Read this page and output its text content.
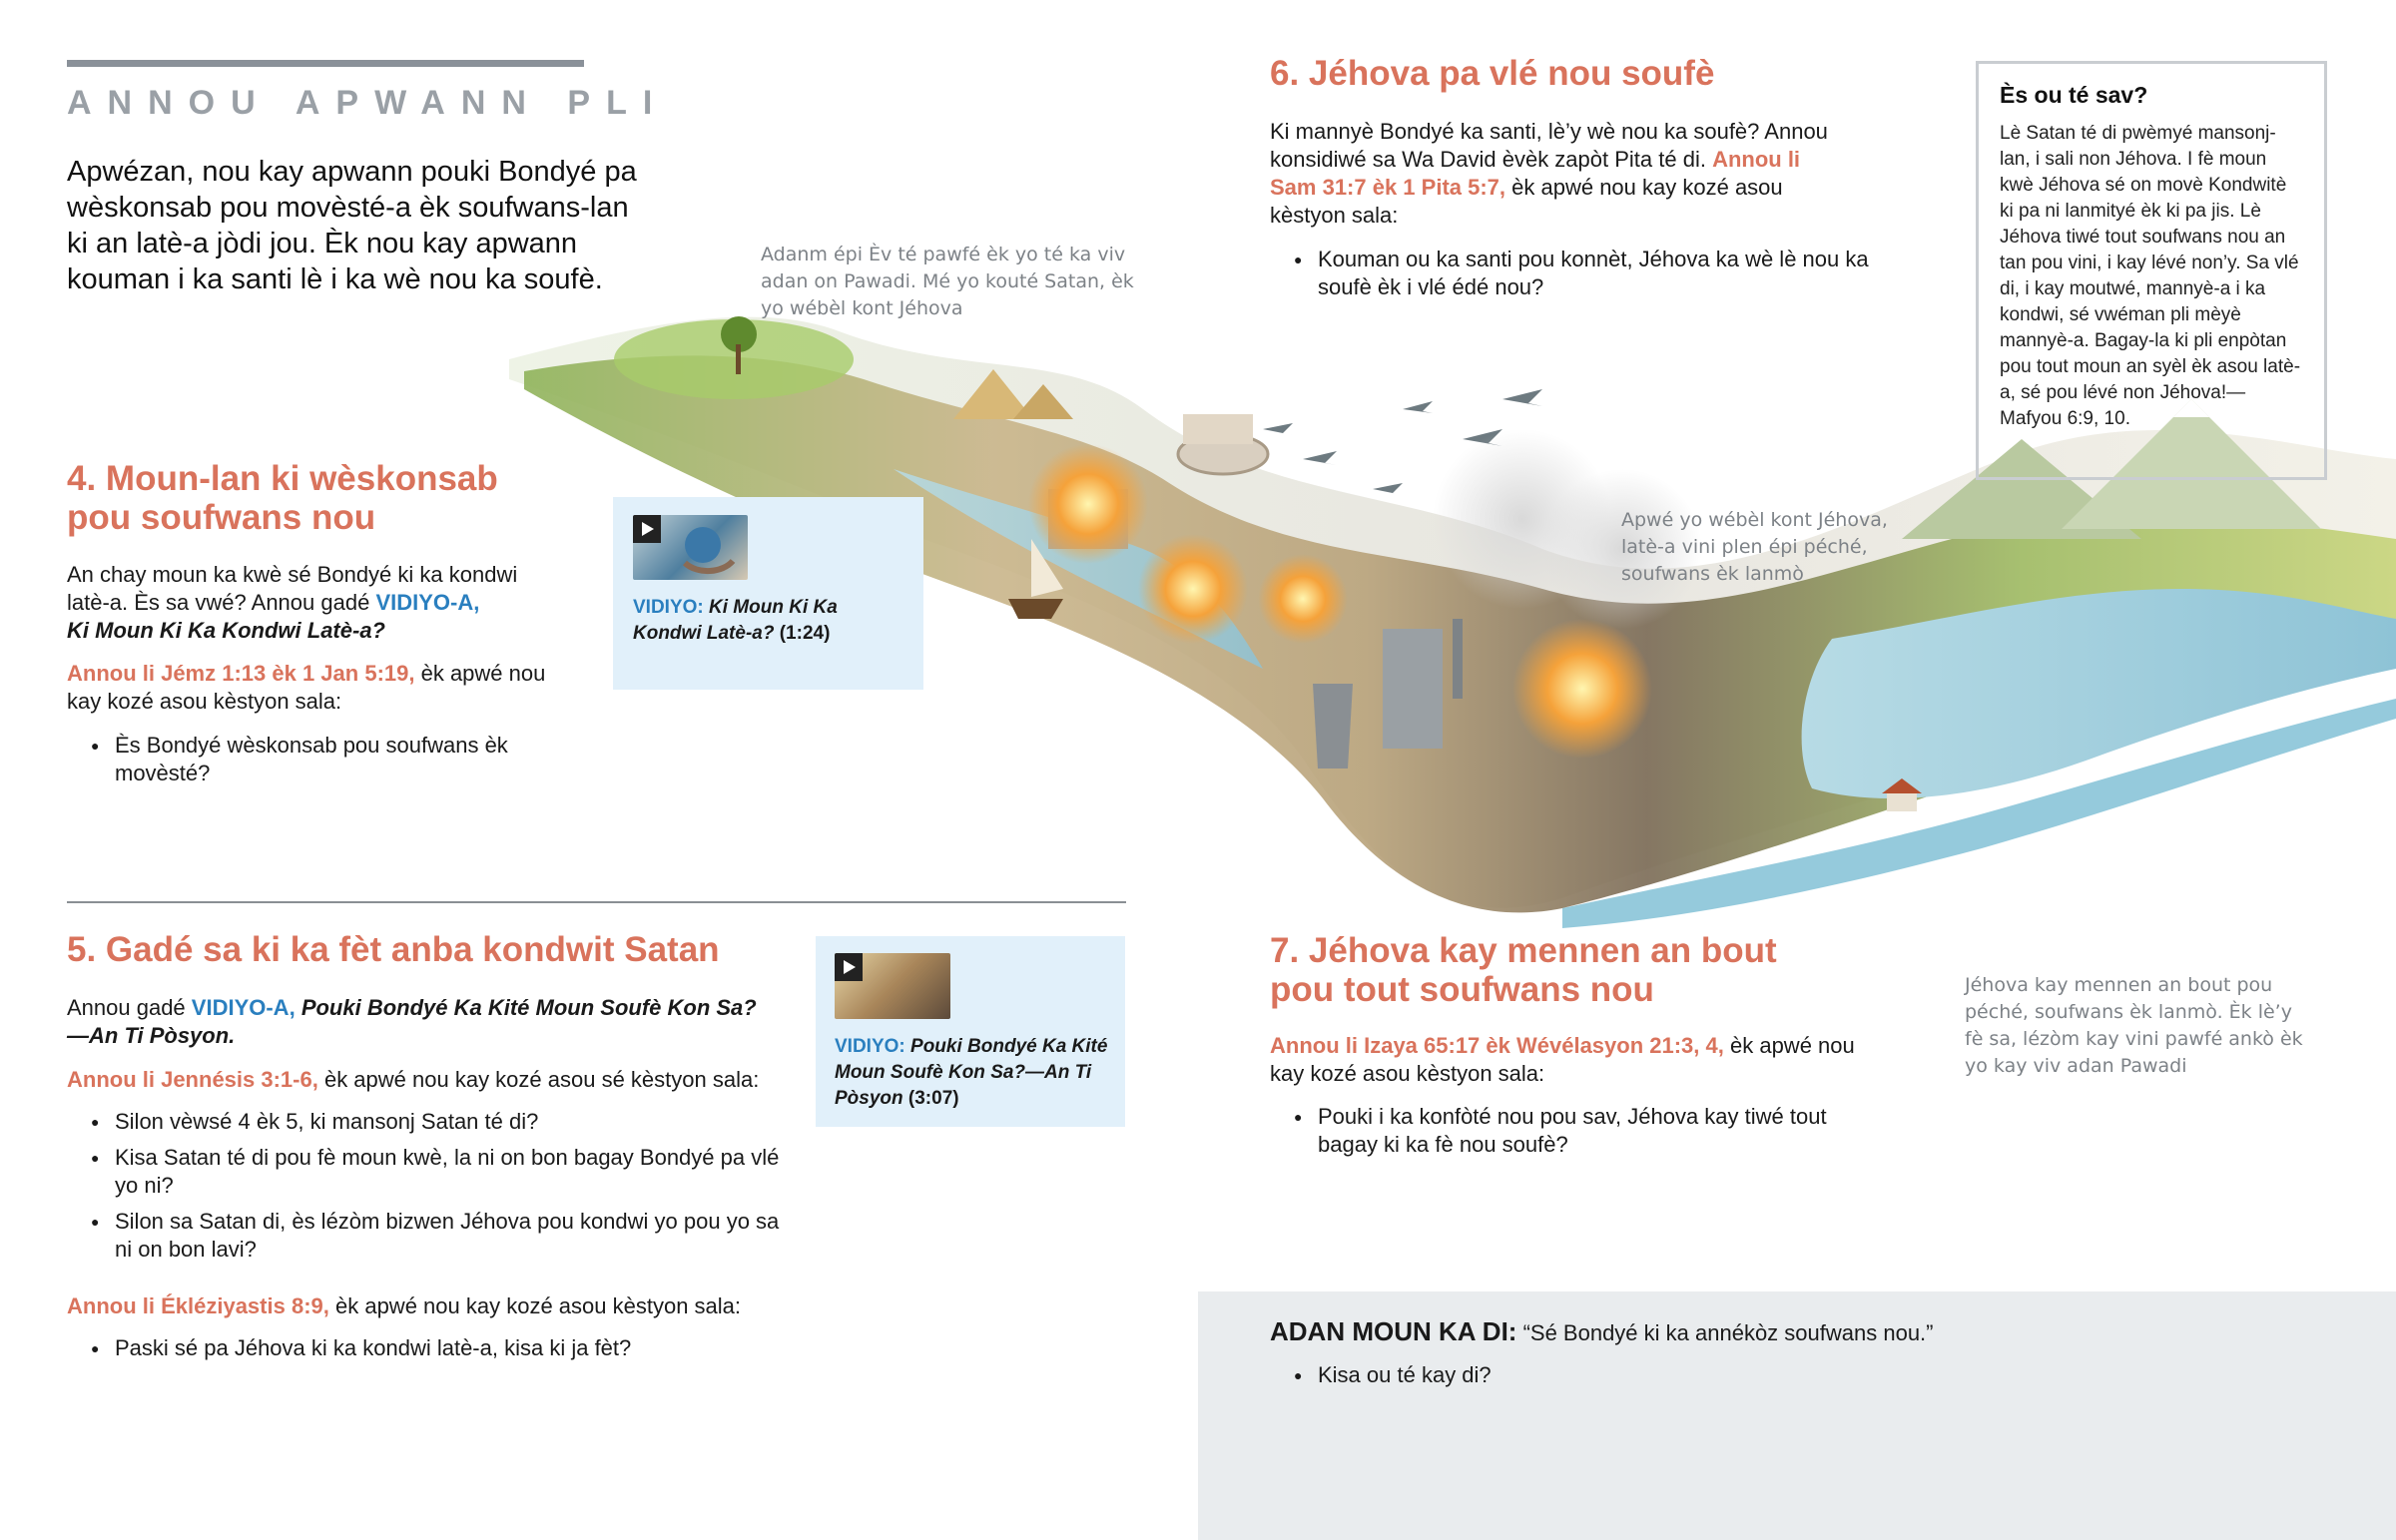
ANNOU APWANN PLI
Apwézan, nou kay apwann pouki Bondyé pa wèskonsab pou movèsté-a èk soufwans-lan ki an latè-a jòdi jou. Èk nou kay apwann kouman i ka santi lè i ka wè nou ka soufè.
Adanm épi Èv té pawfé èk yo té ka viv adan on Pawadi. Mé yo kouté Satan, èk yo wébèl kont Jéhova
Apwé yo wébèl kont Jéhova, latè-a vini plen épi péché, soufwans èk lanmò
Jéhova kay mennen an bout pou péché, soufwans èk lanmò. Èk lè’y fè sa, lézòm kay vini pawfé ankò èk yo kay viv adan Pawadi
4. Moun-lan ki wèskonsab
pou soufwans nou
An chay moun ka kwè sé Bondyé ki ka kondwi latè-a. Ès sa vwé? Annou gadé VIDIYO-A,
Ki Moun Ki Ka Kondwi Latè-a?
Annou li Jémz 1:13 èk 1 Jan 5:19, èk apwé nou kay kozé asou kèstyon sala:
● Ès Bondyé wèskonsab pou soufwans èk movèsté?
VIDIYO: Ki Moun Ki Ka Kondwi Latè-a? (1:24)
5. Gadé sa ki ka fèt anba kondwit Satan
Annou gadé VIDIYO-A, Pouki Bondyé Ka Kité Moun Soufè Kon Sa?—An Ti Pòsyon.
Annou li Jennésis 3:1-6, èk apwé nou kay kozé asou sé kèstyon sala:
● Silon vèwsé 4 èk 5, ki mansonj Satan té di?
● Kisa Satan té di pou fè moun kwè, la ni on bon bagay Bondyé pa vlé yo ni?
● Silon sa Satan di, ès lézòm bizwen Jéhova pou kondwi yo pou yo sa ni on bon lavi?
Annou li Ékléziyastis 8:9, èk apwé nou kay kozé asou kèstyon sala:
● Paski sé pa Jéhova ki ka kondwi latè-a, kisa ki ja fèt?
VIDIYO: Pouki Bondyé Ka Kité Moun Soufè Kon Sa?—An Ti Pòsyon (3:07)
6. Jéhova pa vlé nou soufè
Ki mannyè Bondyé ka santi, lè’y wè nou ka soufè? Annou konsidiwé sa Wa David èvèk zapòt Pita té di. Annou li Sam 31:7 èk 1 Pita 5:7, èk apwé nou kay kozé asou kèstyon sala:
● Kouman ou ka santi pou konnèt, Jéhova ka wè lè nou ka soufè èk i vlé édé nou?
Ès ou té sav?

Lè Satan té di pwèmyé mansonj-lan, i sali non Jéhova. I fè moun kwè Jéhova sé on movè Kondwitè ki pa ni lanmityé èk ki pa jis. Lè Jéhova tiwé tout soufwans nou an tan pou vini, i kay lévé non’y. Sa vlé di, i kay moutwé, mannyè-a i ka kondwi, sé vwéman pli mèyè mannyè-a. Bagay-la ki pli enpòtan pou tout moun an syèl èk asou latè-a, sé pou lévé non Jéhova!—Mafyou 6:9, 10.

7. Jéhova kay mennen an bout
pou tout soufwans nou
Annou li Izaya 65:17 èk Wévélasyon 21:3, 4, èk apwé nou kay kozé asou kèstyon sala:
● Pouki i ka konfòté nou pou sav, Jéhova kay tiwé tout bagay ki ka fè nou soufè?
ADAN MOUN KA DI: “Sé Bondyé ki ka annékòz soufwans nou.”
● Kisa ou té kay di?
